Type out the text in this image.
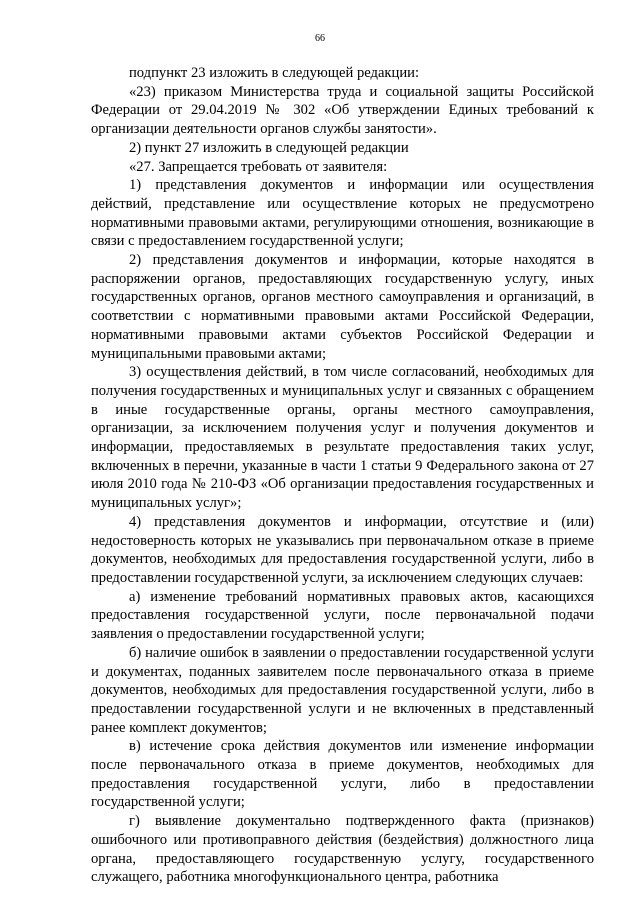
66

подпункт 23 изложить в следующей редакции:

«23) приказом Министерства труда и социальной защиты Российской Федерации от 29.04.2019 № 302 «Об утверждении Единых требований к организации деятельности органов службы занятости».

2) пункт 27 изложить в следующей редакции

«27. Запрещается требовать от заявителя:

1) представления документов и информации или осуществления действий, представление или осуществление которых не предусмотрено нормативными правовыми актами, регулирующими отношения, возникающие в связи с предоставлением государственной услуги;

2) представления документов и информации, которые находятся в распоряжении органов, предоставляющих государственную услугу, иных государственных органов, органов местного самоуправления и организаций, в соответствии с нормативными правовыми актами Российской Федерации, нормативными правовыми актами субъектов Российской Федерации и муниципальными правовыми актами;

3) осуществления действий, в том числе согласований, необходимых для получения государственных и муниципальных услуг и связанных с обращением в иные государственные органы, органы местного самоуправления, организации, за исключением получения услуг и получения документов и информации, предоставляемых в результате предоставления таких услуг, включенных в перечни, указанные в части 1 статьи 9 Федерального закона от 27 июля 2010 года № 210-ФЗ «Об организации предоставления государственных и муниципальных услуг»;

4) представления документов и информации, отсутствие и (или) недостоверность которых не указывались при первоначальном отказе в приеме документов, необходимых для предоставления государственной услуги, либо в предоставлении государственной услуги, за исключением следующих случаев:

а) изменение требований нормативных правовых актов, касающихся предоставления государственной услуги, после первоначальной подачи заявления о предоставлении государственной услуги;

б) наличие ошибок в заявлении о предоставлении государственной услуги и документах, поданных заявителем после первоначального отказа в приеме документов, необходимых для предоставления государственной услуги, либо в предоставлении государственной услуги и не включенных в представленный ранее комплект документов;

в) истечение срока действия документов или изменение информации после первоначального отказа в приеме документов, необходимых для предоставления государственной услуги, либо в предоставлении государственной услуги;

г) выявление документально подтвержденного факта (признаков) ошибочного или противоправного действия (бездействия) должностного лица органа, предоставляющего государственную услугу, государственного служащего, работника многофункционального центра, работника
